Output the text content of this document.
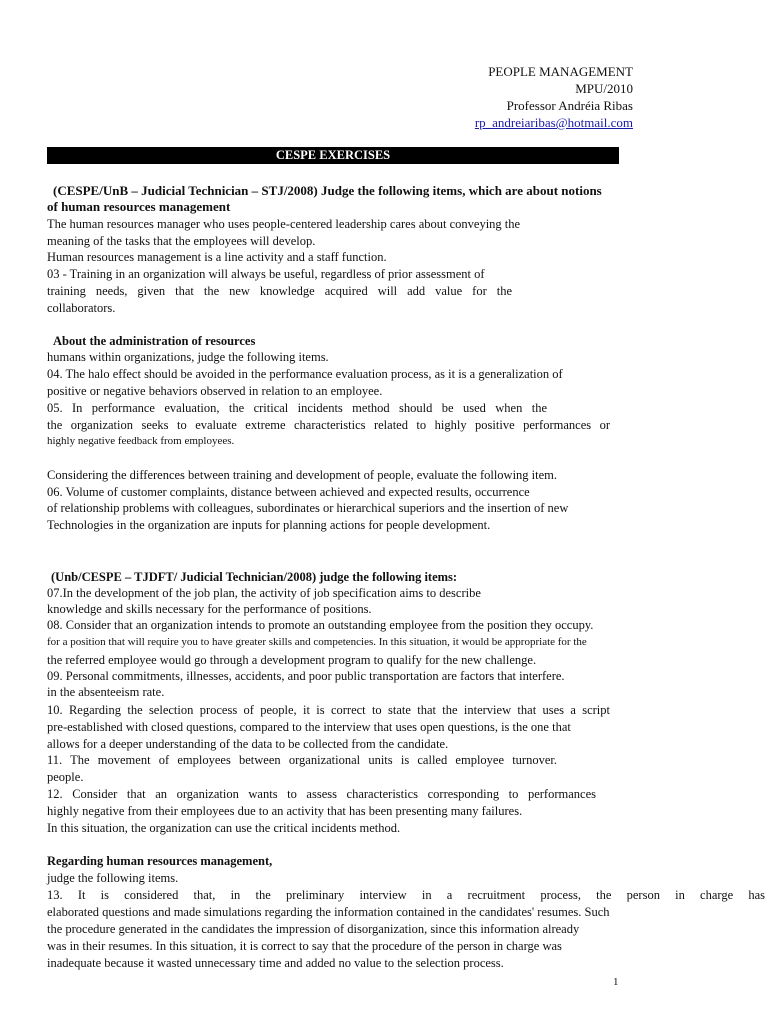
PEOPLE MANAGEMENT
MPU/2010
Professor Andréia Ribas
rp_andreiaribas@hotmail.com
CESPE EXERCISES
(CESPE/UnB – Judicial Technician – STJ/2008) Judge the following items, which are about notions
of human resources management
The human resources manager who uses people-centered leadership cares about conveying the
meaning of the tasks that the employees will develop.
Human resources management is a line activity and a staff function.
03 - Training in an organization will always be useful, regardless of prior assessment of
training needs, given that the new knowledge acquired will add value for the
collaborators.
About the administration of resources
humans within organizations, judge the following items.
04. The halo effect should be avoided in the performance evaluation process, as it is a generalization of
positive or negative behaviors observed in relation to an employee.
05. In performance evaluation, the critical incidents method should be used when the
the organization seeks to evaluate extreme characteristics related to highly positive performances or
highly negative feedback from employees.
Considering the differences between training and development of people, evaluate the following item.
06. Volume of customer complaints, distance between achieved and expected results, occurrence
of relationship problems with colleagues, subordinates or hierarchical superiors and the insertion of new
Technologies in the organization are inputs for planning actions for people development.
(Unb/CESPE – TJDFT/ Judicial Technician/2008) judge the following items:
07.In the development of the job plan, the activity of job specification aims to describe
knowledge and skills necessary for the performance of positions.
08. Consider that an organization intends to promote an outstanding employee from the position they occupy.
for a position that will require you to have greater skills and competencies. In this situation, it would be appropriate for the
the referred employee would go through a development program to qualify for the new challenge.
09. Personal commitments, illnesses, accidents, and poor public transportation are factors that interfere.
in the absenteeism rate.
10. Regarding the selection process of people, it is correct to state that the interview that uses a script
pre-established with closed questions, compared to the interview that uses open questions, is the one that
allows for a deeper understanding of the data to be collected from the candidate.
11. The movement of employees between organizational units is called employee turnover.
people.
12. Consider that an organization wants to assess characteristics corresponding to performances
highly negative from their employees due to an activity that has been presenting many failures.
In this situation, the organization can use the critical incidents method.
Regarding human resources management,
judge the following items.
13. It is considered that, in the preliminary interview in a recruitment process, the person in charge has
elaborated questions and made simulations regarding the information contained in the candidates' resumes. Such
the procedure generated in the candidates the impression of disorganization, since this information already
was in their resumes. In this situation, it is correct to say that the procedure of the person in charge was
inadequate because it wasted unnecessary time and added no value to the selection process.
1
